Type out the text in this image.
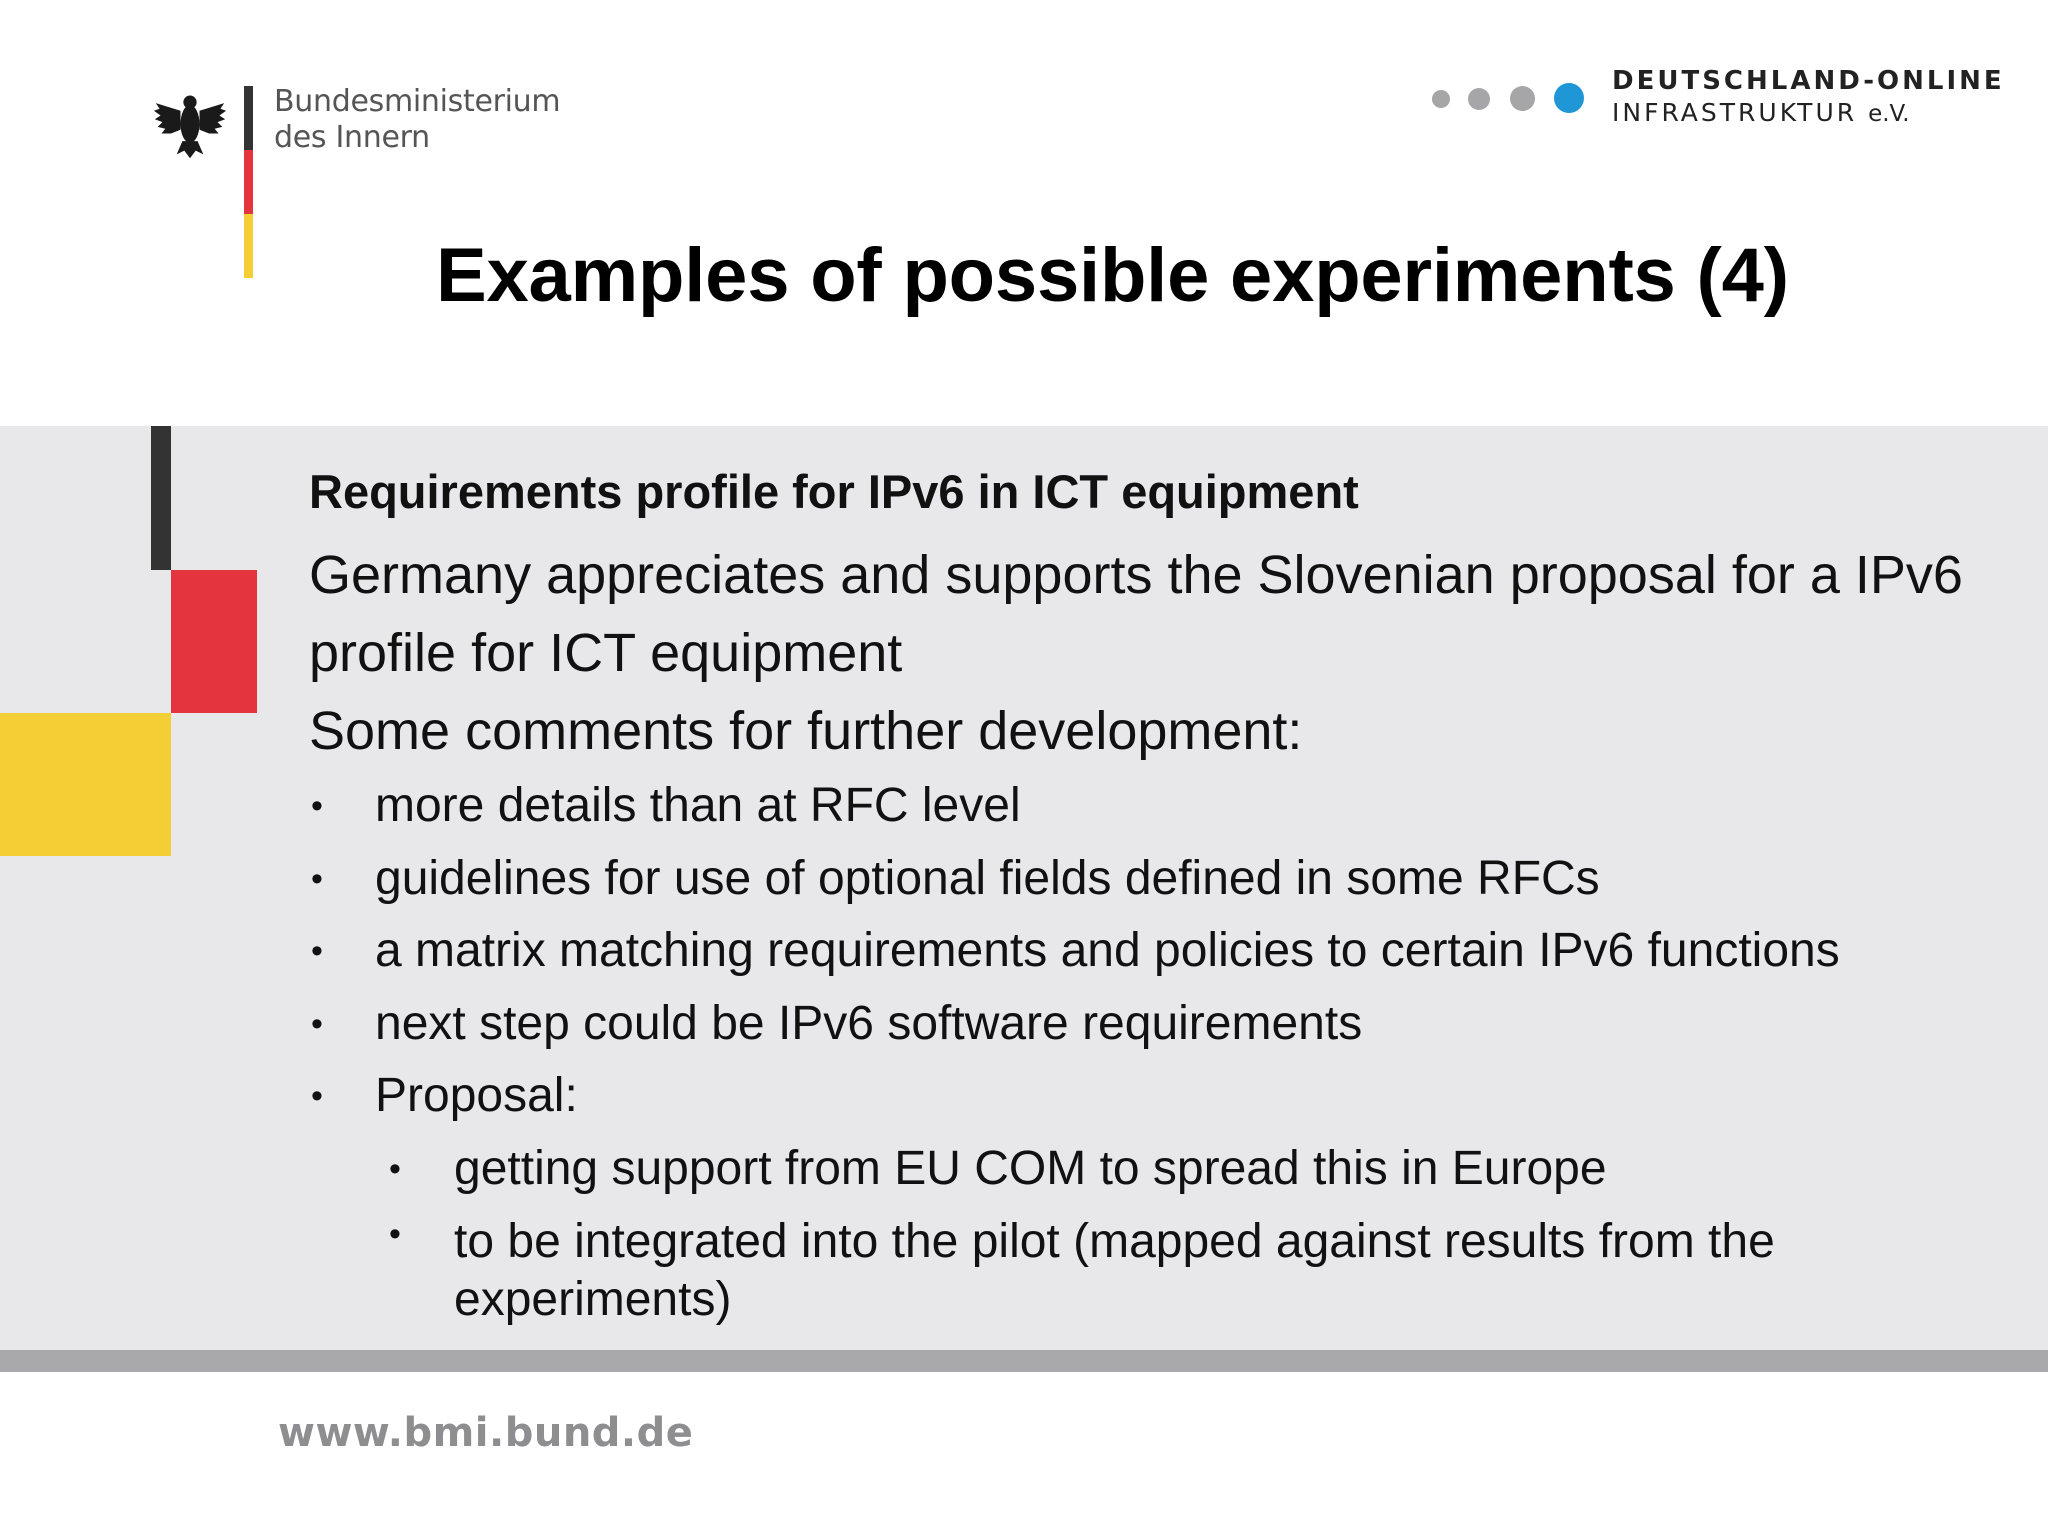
Bundesministerium
des Innern
DEUTSCHLAND-ONLINE
INFRASTRUKTUR e.V.
Examples of possible experiments (4)
Requirements profile for IPv6 in ICT equipment

Germany appreciates and supports the Slovenian proposal for a IPv6 profile for ICT equipment

Some comments for further development:

• more details than at RFC level
• guidelines for use of optional fields defined in some RFCs
• a matrix matching requirements and policies to certain IPv6 functions
• next step could be IPv6 software requirements
• Proposal:
• getting support from EU COM to spread this in Europe
• to be integrated into the pilot (mapped against results from the experiments)
www.bmi.bund.de
